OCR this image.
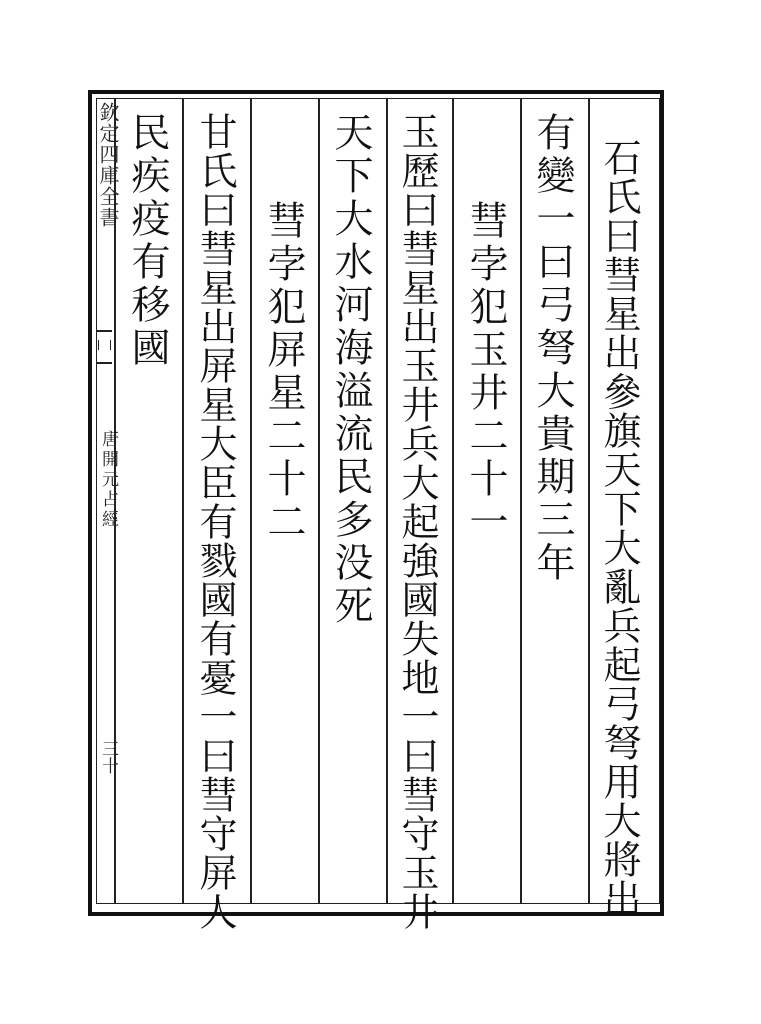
欽定四庫全書
唐開元占經
三十	石氏曰彗星出參旗天下大亂兵起弓弩用大將出
有變一曰弓弩大貴期三年
彗孛犯玉井二十一
玉歷曰彗星出玉井兵大起強國失地一曰彗守玉井
天下大水河海溢流民多没死
彗孛犯屏星二十二
甘氏曰彗星出屏星大臣有戮國有憂一曰彗守屏人
民疾疫有移國
